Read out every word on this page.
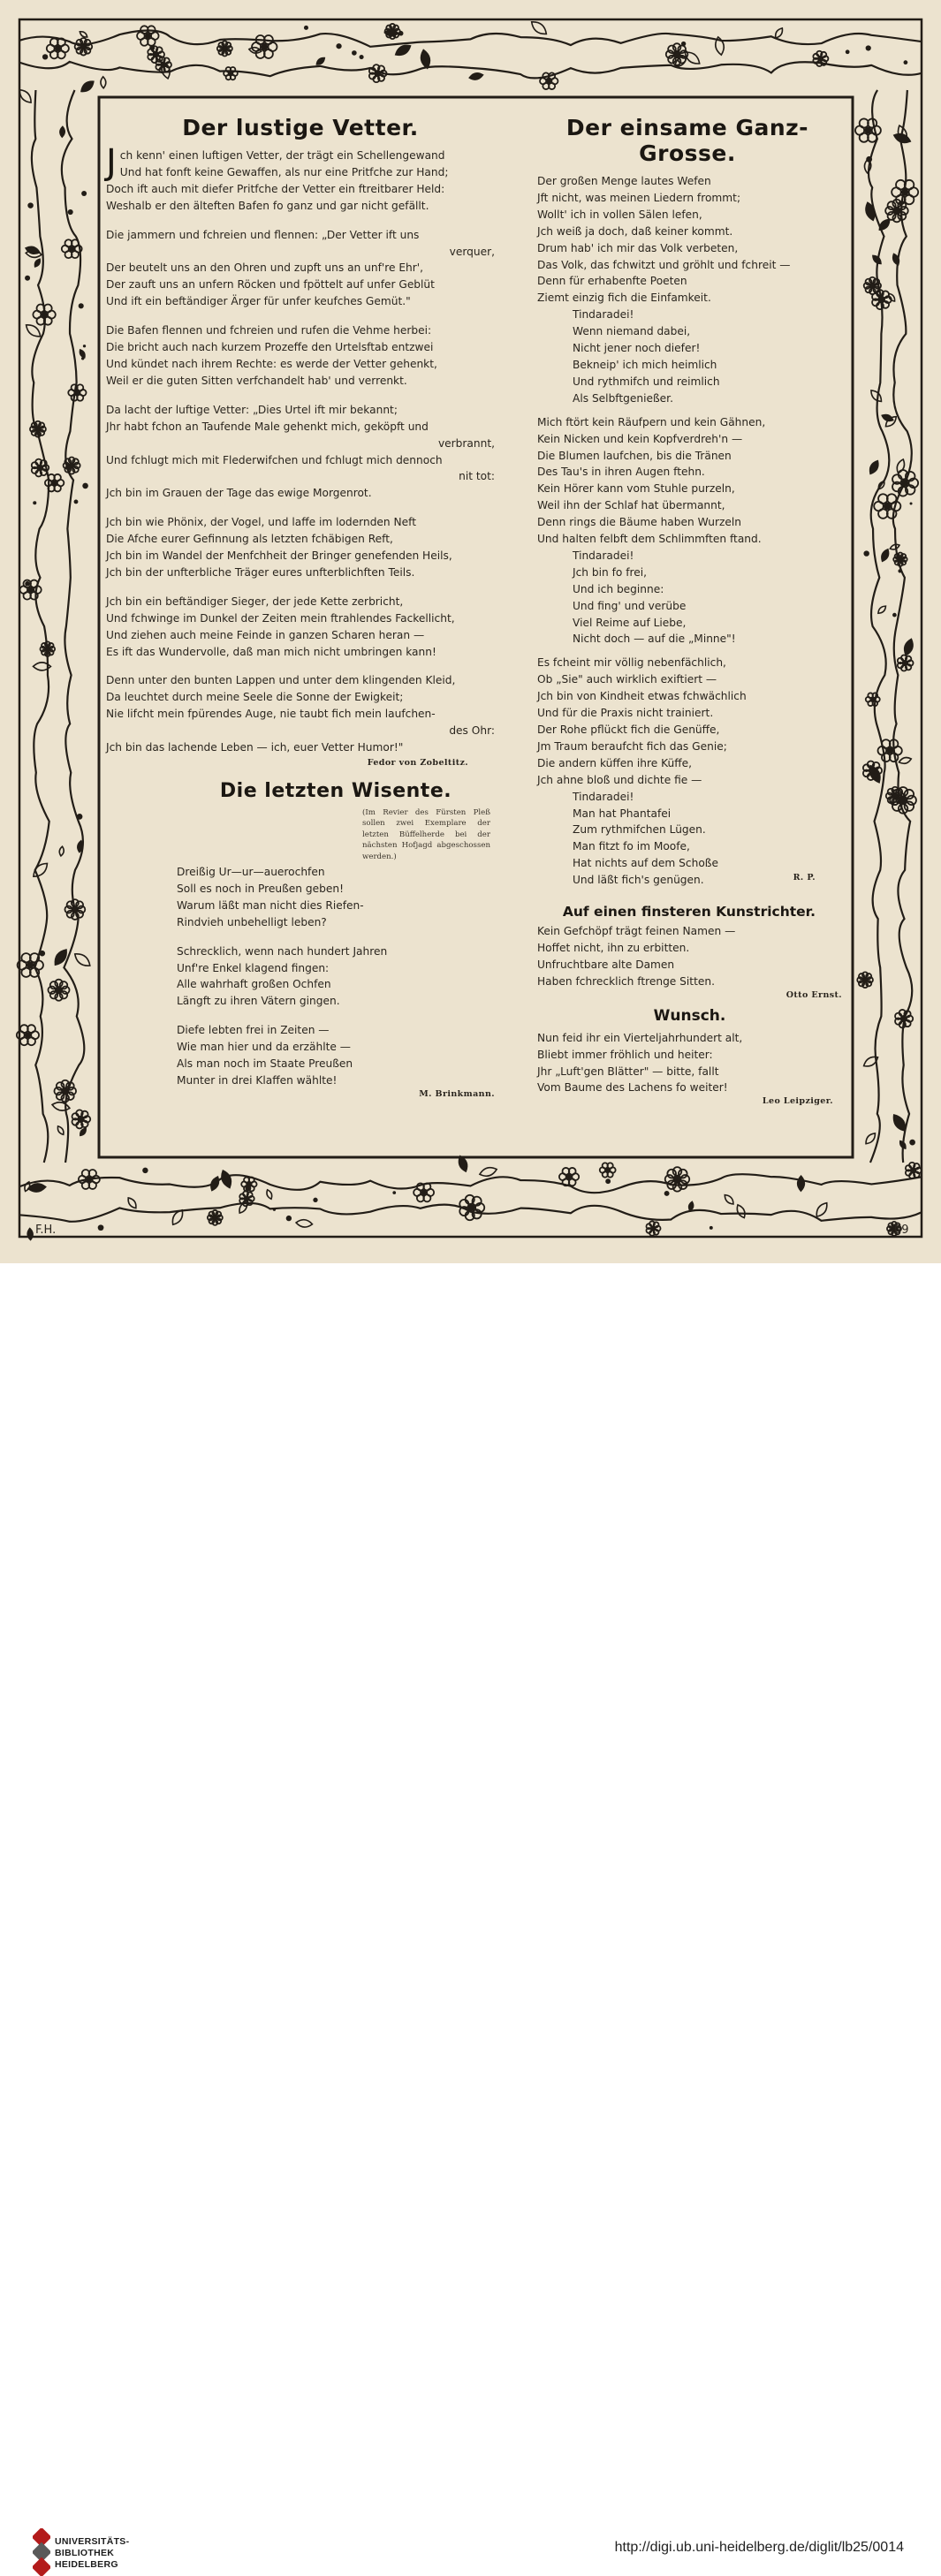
Der lustige Vetter.
Jch kenn' einen luftigen Vetter, der trägt ein Schellengewand
Und hat fonft keine Gewaffen, als nur eine Pritfche zur Hand;
Doch ift auch mit diefer Pritfche der Vetter ein ftreitbarer Held:
Weshalb er den älteften Bafen fo ganz und gar nicht gefällt.
Die jammern und fchreien und flennen: „Der Vetter ift uns
verquer,
Der beutelt uns an den Ohren und zupft uns an unf're Ehr',
Der zauft uns an unfern Röcken und fpöttelt auf unfer Geblüt
Und ift ein beftändiger Ärger für unfer keufches Gemüt."
Die Bafen flennen und fchreien und rufen die Vehme herbei:
Die bricht auch nach kurzem Prozeffe den Urtelsftab entzwei
Und kündet nach ihrem Rechte: es werde der Vetter gehenkt,
Weil er die guten Sitten verfchandelt hab' und verrenkt.
Da lacht der luftige Vetter: „Dies Urtel ift mir bekannt;
Jhr habt fchon an Taufende Male gehenkt mich, geköpft und
verbrannt,
Und fchlugt mich mit Flederwifchen und fchlugt mich dennoch
nit tot:
Jch bin im Grauen der Tage das ewige Morgenrot.
Jch bin wie Phönix, der Vogel, und laffe im lodernden Neft
Die Afche eurer Gefinnung als letzten fchäbigen Reft,
Jch bin im Wandel der Menfchheit der Bringer genefenden Heils,
Jch bin der unfterbliche Träger eures unfterblichften Teils.
Jch bin ein beftändiger Sieger, der jede Kette zerbricht,
Und fchwinge im Dunkel der Zeiten mein ftrahlendes Fackellicht,
Und ziehen auch meine Feinde in ganzen Scharen heran —
Es ift das Wundervolle, daß man mich nicht umbringen kann!
Denn unter den bunten Lappen und unter dem klingenden Kleid,
Da leuchtet durch meine Seele die Sonne der Ewigkeit;
Nie lifcht mein fpürendes Auge, nie taubt fich mein laufchen-
des Ohr:
Jch bin das lachende Leben — ich, euer Vetter Humor!"
Fedor von Zobeltitz.
Die letzten Wisente.
(Im Revier des Fürsten Pleß sollen zwei Exemplare der letzten Büffelherde bei der nächsten Hofjagd abgeschossen werden.)
Dreißig Ur—ur—auerochfen
Soll es noch in Preußen geben!
Warum läßt man nicht dies Riefen-
Rindvieh unbehelligt leben?
Schrecklich, wenn nach hundert Jahren
Unf're Enkel klagend fingen:
Alle wahrhaft großen Ochfen
Längft zu ihren Vätern gingen.
Diefe lebten frei in Zeiten —
Wie man hier und da erzählte —
Als man noch im Staate Preußen
Munter in drei Klaffen wählte!
M. Brinkmann.
Der einsame Ganz-Grosse.
Der großen Menge lautes Wefen
Jft nicht, was meinen Liedern frommt;
Wollt' ich in vollen Sälen lefen,
Jch weiß ja doch, daß keiner kommt.
Drum hab' ich mir das Volk verbeten,
Das Volk, das fchwitzt und gröhlt und fchreit —
Denn für erhabenfte Poeten
Ziemt einzig fich die Einfamkeit.
Tindaradei!
Wenn niemand dabei,
Nicht jener noch diefer!
Bekneip' ich mich heimlich
Und rythmifch und reimlich
Als Selbftgenießer.
Mich ftört kein Räufpern und kein Gähnen,
Kein Nicken und kein Kopfverdreh'n —
Die Blumen laufchen, bis die Tränen
Des Tau's in ihren Augen ftehn.
Kein Hörer kann vom Stuhle purzeln,
Weil ihn der Schlaf hat übermannt,
Denn rings die Bäume haben Wurzeln
Und halten felbft dem Schlimmften ftand.
Tindaradei!
Jch bin fo frei,
Und ich beginne:
Und fing' und verübe
Viel Reime auf Liebe,
Nicht doch — auf die „Minne"!
Es fcheint mir völlig nebenfächlich,
Ob „Sie" auch wirklich exiftiert —
Jch bin von Kindheit etwas fchwächlich
Und für die Praxis nicht trainiert.
Der Rohe pflückt fich die Genüffe,
Jm Traum beraufcht fich das Genie;
Die andern küffen ihre Küffe,
Jch ahne bloß und dichte fie —
Tindaradei!
Man hat Phantafei
Zum rythmifchen Lügen.
Man fitzt fo im Moofe,
Hat nichts auf dem Schoße
Und läßt fich's genügen.	R. P.
Auf einen finsteren Kunstrichter.
Kein Gefchöpf trägt feinen Namen —
Hoffet nicht, ihn zu erbitten.
Unfruchtbare alte Damen
Haben fchrecklich ftrenge Sitten.
Otto Ernst.
Wunsch.
Nun feid ihr ein Vierteljahrhundert alt,
Bliebt immer fröhlich und heiter:
Jhr „Luft'gen Blätter" — bitte, fallt
Vom Baume des Lachens fo weiter!
Leo Leipziger.
F.H.	09
UNIVERSITÄTS-
BIBLIOTHEK
HEIDELBERG
http://digi.ub.uni-heidelberg.de/diglit/lb25/0014
